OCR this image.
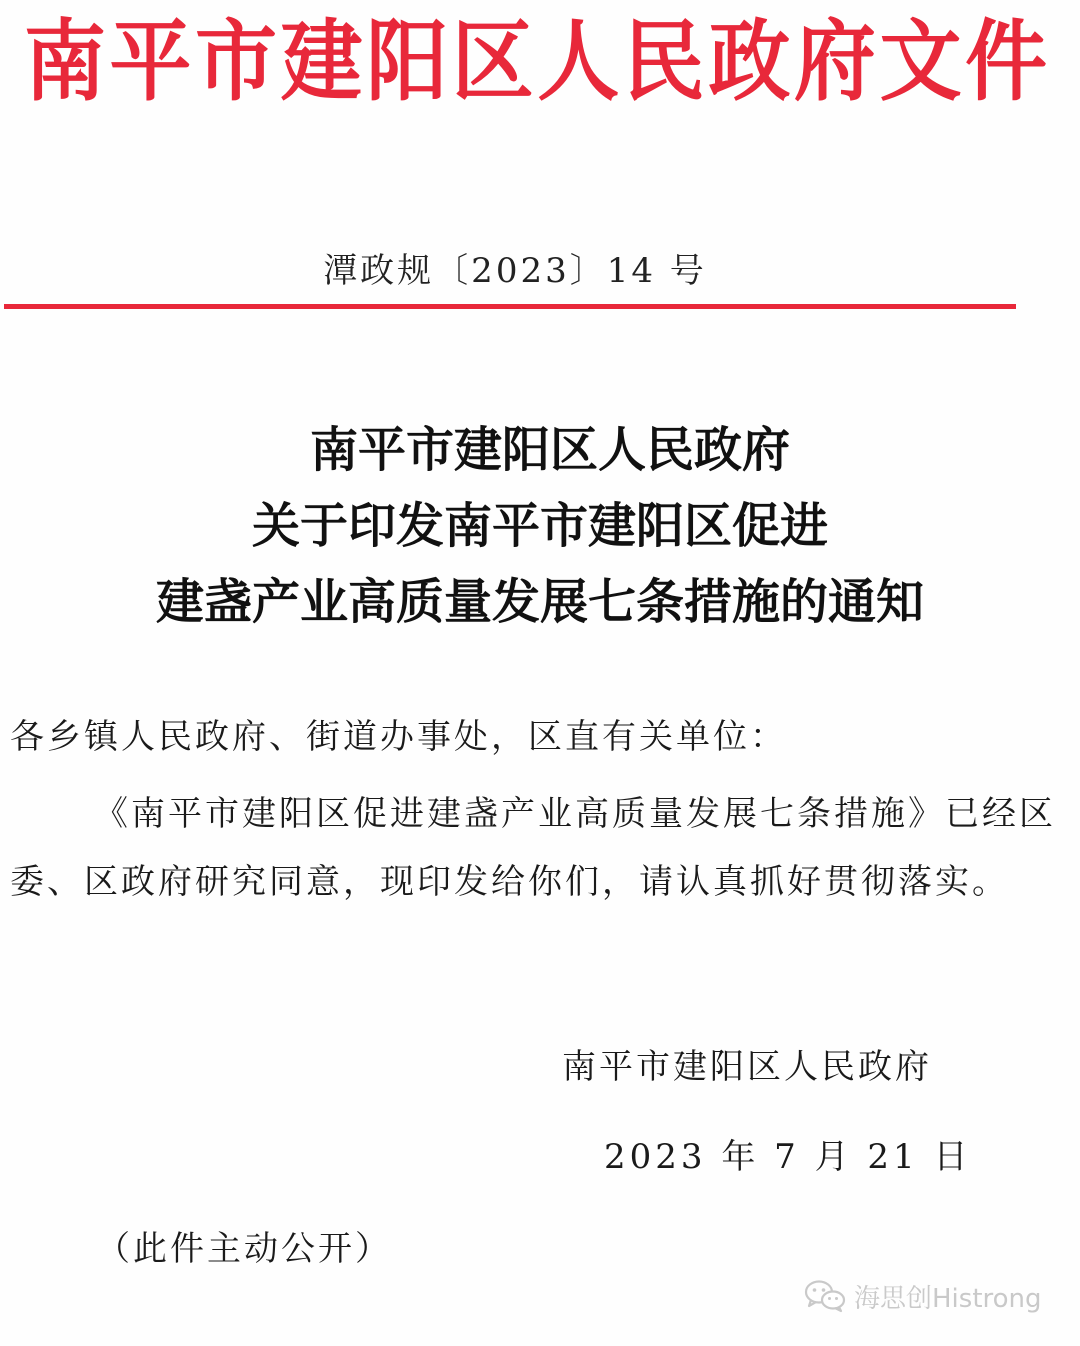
南平市建阳区人民政府文件
潭政规〔2023〕14 号
南平市建阳区人民政府
关于印发南平市建阳区促进
建盏产业高质量发展七条措施的通知
各乡镇人民政府、街道办事处，区直有关单位：
《南平市建阳区促进建盏产业高质量发展七条措施》已经区
委、区政府研究同意，现印发给你们，请认真抓好贯彻落实。
南平市建阳区人民政府
2023 年 7 月 21 日
（此件主动公开）
海思创Histrong
